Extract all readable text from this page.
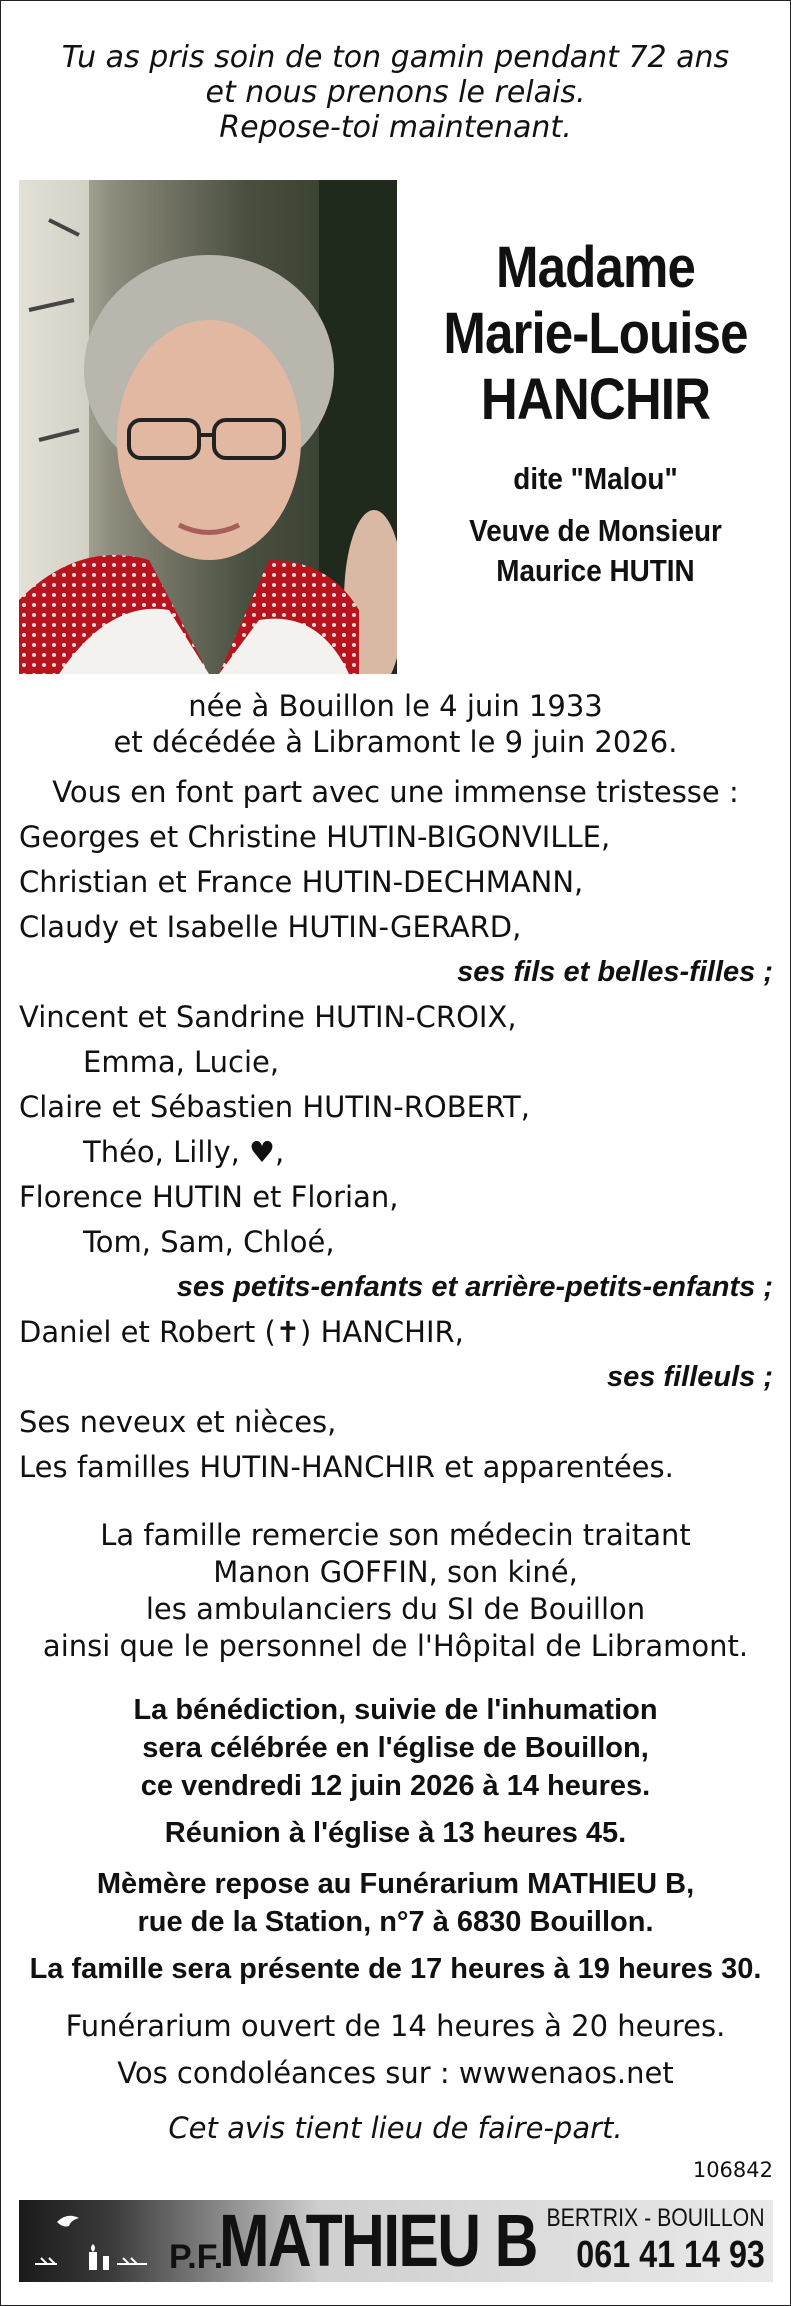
Tu as pris soin de ton gamin pendant 72 ans
et nous prenons le relais.
Repose-toi maintenant.
Madame
Marie-Louise
HANCHIR
dite "Malou"
Veuve de Monsieur
Maurice HUTIN
née à Bouillon le 4 juin 1933
et décédée à Libramont le 9 juin 2026.
Vous en font part avec une immense tristesse :
Georges et Christine HUTIN-BIGONVILLE,
Christian et France HUTIN-DECHMANN,
Claudy et Isabelle HUTIN-GERARD,
ses fils et belles-filles ;
Vincent et Sandrine HUTIN-CROIX,
Emma, Lucie,
Claire et Sébastien HUTIN-ROBERT,
Théo, Lilly, ♥,
Florence HUTIN et Florian,
Tom, Sam, Chloé,
ses petits-enfants et arrière-petits-enfants ;
Daniel et Robert (✝) HANCHIR,
ses filleuls ;
Ses neveux et nièces,
Les familles HUTIN-HANCHIR et apparentées.
La famille remercie son médecin traitant
Manon GOFFIN, son kiné,
les ambulanciers du SI de Bouillon
ainsi que le personnel de l'Hôpital de Libramont.
La bénédiction, suivie de l'inhumation
sera célébrée en l'église de Bouillon,
ce vendredi 12 juin 2026 à 14 heures.
Réunion à l'église à 13 heures 45.
Mèmère repose au Funérarium MATHIEU B,
rue de la Station, n°7 à 6830 Bouillon.
La famille sera présente de 17 heures à 19 heures 30.
Funérarium ouvert de 14 heures à 20 heures.
Vos condoléances sur : wwwenaos.net
Cet avis tient lieu de faire-part.
106842
P.F.
MATHIEU B BERTRIX - BOUILLON
061 41 14 93
